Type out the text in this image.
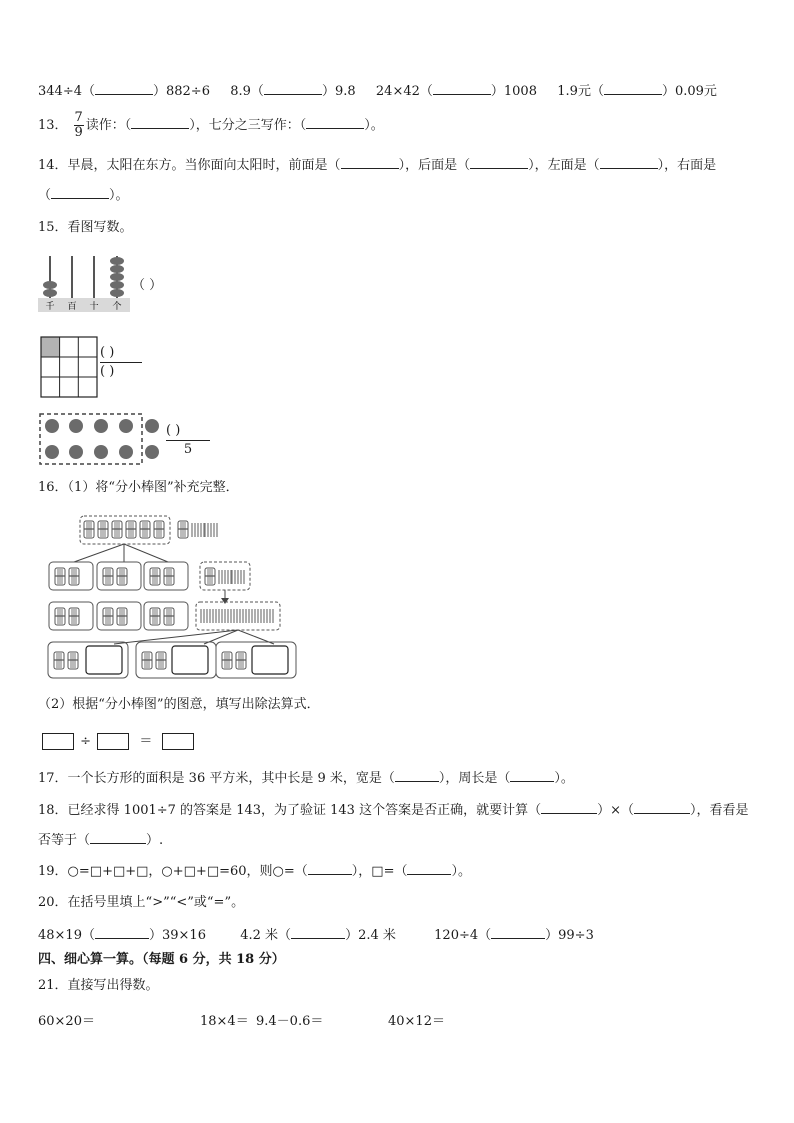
344÷4（	）882÷6 8.9（	）9.8 24×42（	）1008 1.9元（	）0.09元
13． $\frac{7}{9}$ 读作：（	），七分之三写作：（	）。
14．早晨，太阳在东方。当你面向太阳时，前面是（	），后面是（	），左面是（	），右面是
（	）。
15．看图写数。
千 百 十 个
（ ）
( )
( )
( )
5
16．（1）将“分小棒图”补充完整．
（2）根据“分小棒图”的图意，填写出除法算式．
÷	＝
17．一个长方形的面积是 36 平方米，其中长是 9 米，宽是（	），周长是（	）。
18．已经求得 1001÷7 的答案是 143，为了验证 143 这个答案是否正确，就要计算（	）×（	），看看是
否等于（	）.
19．○=□+□+□，○+□+□=60，则○=（	），□=（	）。
20．在括号里填上“>”“<”或“=”。
48×19（	）39×16	4.2 米（	）2.4 米	120÷4（	）99÷3
四、细心算一算。（每题 6 分，共 18 分）
21．直接写出得数。
60×20＝	18×4＝ 9.4－0.6＝	40×12＝
